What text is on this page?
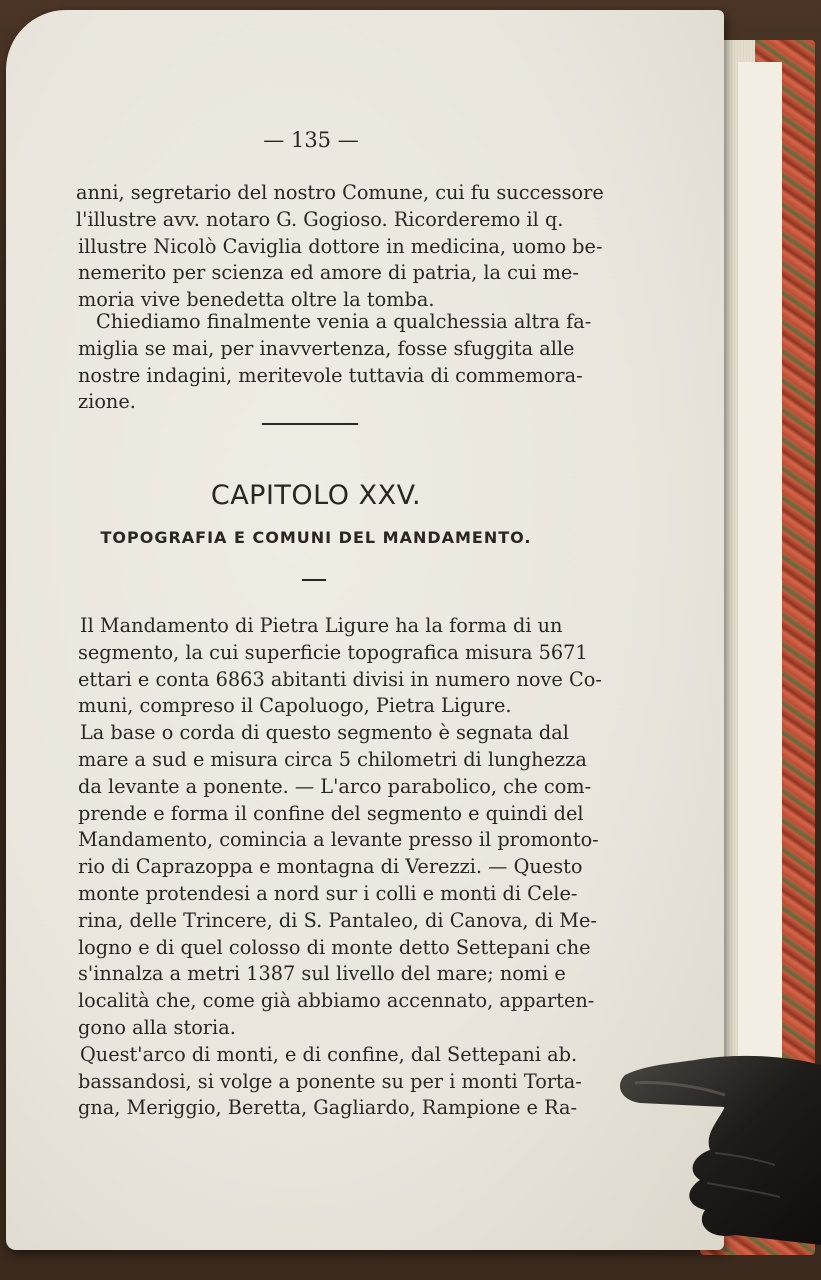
— 135 —
anni, segretario del nostro Comune, cui fu successore
l'illustre avv. notaro G. Gogioso. Ricorderemo il q.
illustre Nicolò Caviglia dottore in medicina, uomo be-
nemerito per scienza ed amore di patria, la cui me-
moria vive benedetta oltre la tomba.
Chiediamo finalmente venia a qualchessia altra fa-
miglia se mai, per inavvertenza, fosse sfuggita alle
nostre indagini, meritevole tuttavia di commemora-
zione.
CAPITOLO XXV.
TOPOGRAFIA E COMUNI DEL MANDAMENTO.
Il Mandamento di Pietra Ligure ha la forma di un
segmento, la cui superficie topografica misura 5671
ettari e conta 6863 abitanti divisi in numero nove Co-
muni, compreso il Capoluogo, Pietra Ligure.
La base o corda di questo segmento è segnata dal
mare a sud e misura circa 5 chilometri di lunghezza
da levante a ponente. — L'arco parabolico, che com-
prende e forma il confine del segmento e quindi del
Mandamento, comincia a levante presso il promonto-
rio di Caprazoppa e montagna di Verezzi. — Questo
monte protendesi a nord sur i colli e monti di Cele-
rina, delle Trincere, di S. Pantaleo, di Canova, di Me-
logno e di quel colosso di monte detto Settepani che
s'innalza a metri 1387 sul livello del mare; nomi e
località che, come già abbiamo accennato, apparten-
gono alla storia.
Quest'arco di monti, e di confine, dal Settepani ab.
bassandosi, si volge a ponente su per i monti Torta-
gna, Meriggio, Beretta, Gagliardo, Rampione e Ra-
